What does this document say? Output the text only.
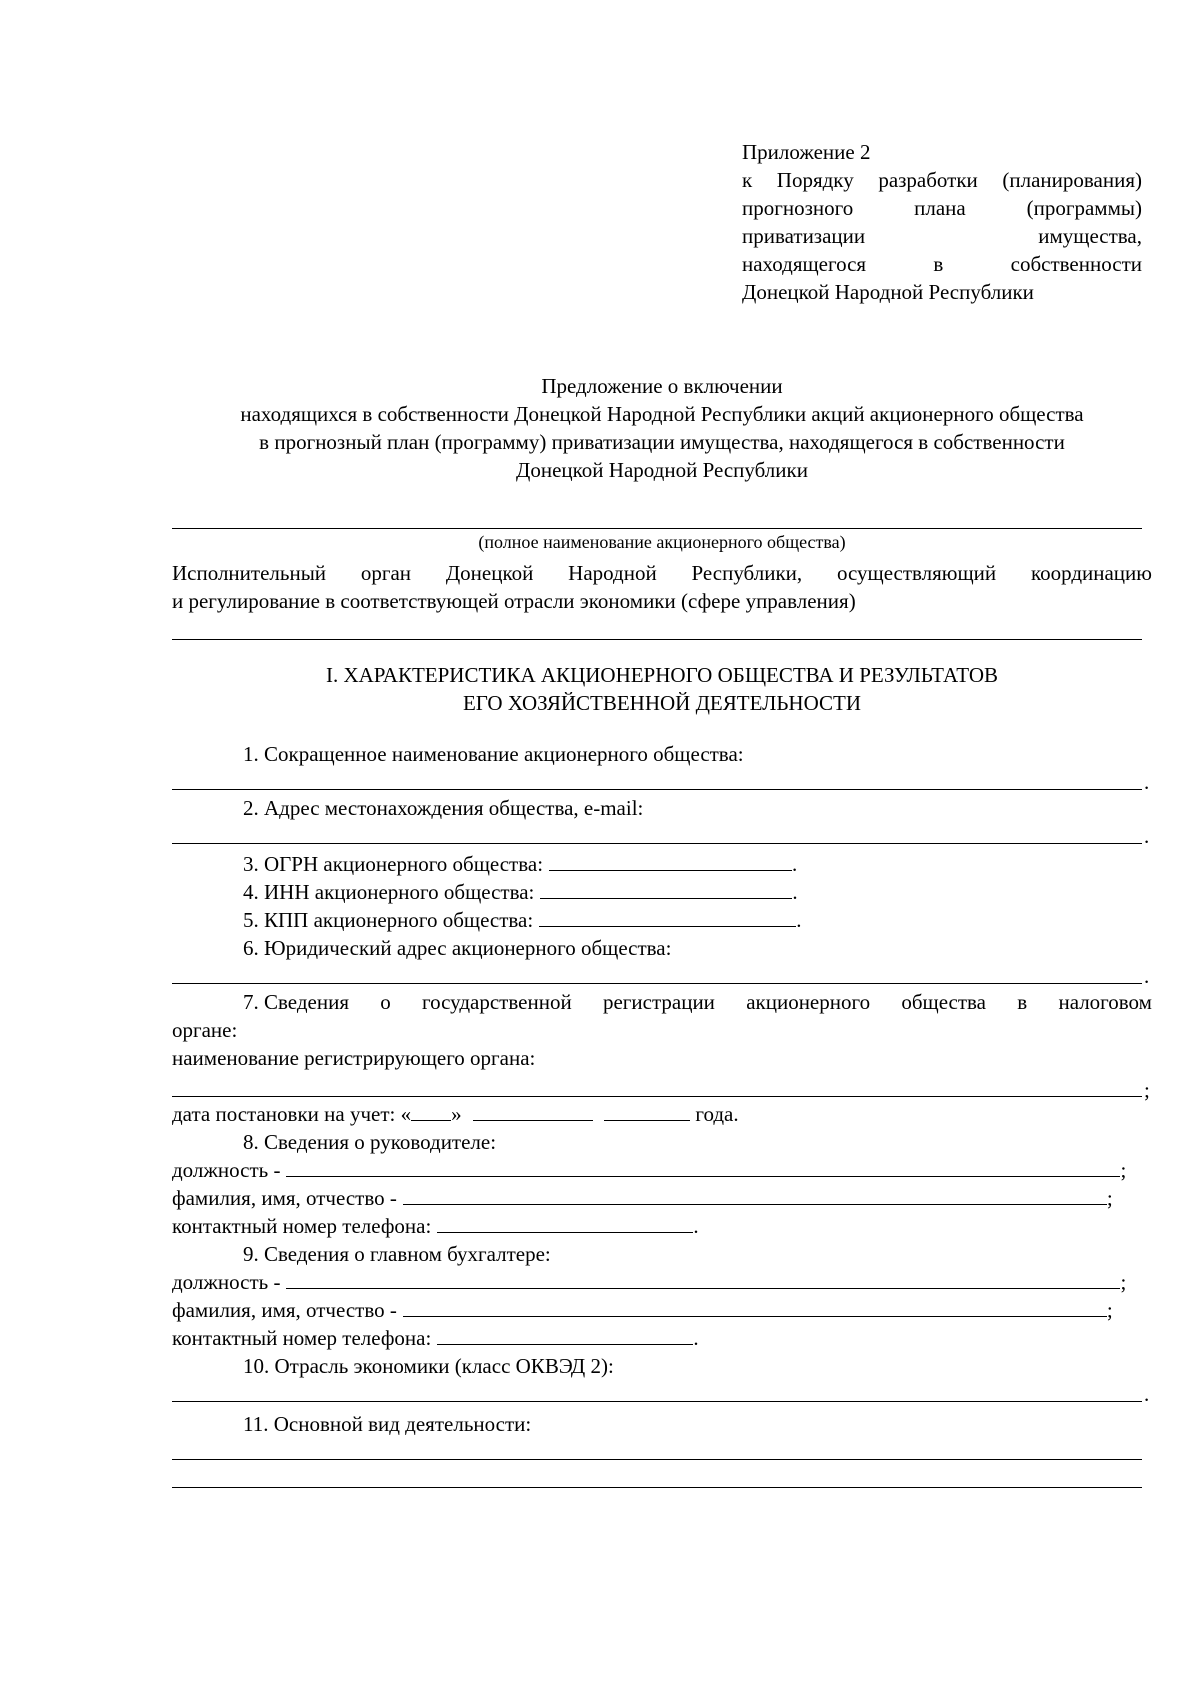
Приложение 2
к Порядку разработки (планирования)
прогнозного	плана	(программы)
приватизации	имущества,
находящегося	в	собственности
Донецкой Народной Республики
Предложение о включении
находящихся в собственности Донецкой Народной Республики акций акционерного общества
в прогнозный план (программу) приватизации имущества, находящегося в собственности
Донецкой Народной Республики
(полное наименование акционерного общества)
Исполнительный орган Донецкой Народной Республики, осуществляющий координацию
и регулирование в соответствующей отрасли экономики (сфере управления)
I. ХАРАКТЕРИСТИКА АКЦИОНЕРНОГО ОБЩЕСТВА И РЕЗУЛЬТАТОВ
ЕГО ХОЗЯЙСТВЕННОЙ ДЕЯТЕЛЬНОСТИ
1. Сокращенное наименование акционерного общества:
.
2. Адрес местонахождения общества, e-mail:
.
3. ОГРН акционерного общества:	.
4. ИНН акционерного общества:	.
5. КПП акционерного общества:	.
6. Юридический адрес акционерного общества:
.
7. Сведения о государственной регистрации акционерного общества в налоговом
органе:
наименование регистрирующего органа:
;
дата постановки на учет: « »	года.
8. Сведения о руководителе:
должность -	;
фамилия, имя, отчество -	;
контактный номер телефона:	.
9. Сведения о главном бухгалтере:
должность -	;
фамилия, имя, отчество -	;
контактный номер телефона:	.
10. Отрасль экономики (класс ОКВЭД 2):
.
11. Основной вид деятельности:
